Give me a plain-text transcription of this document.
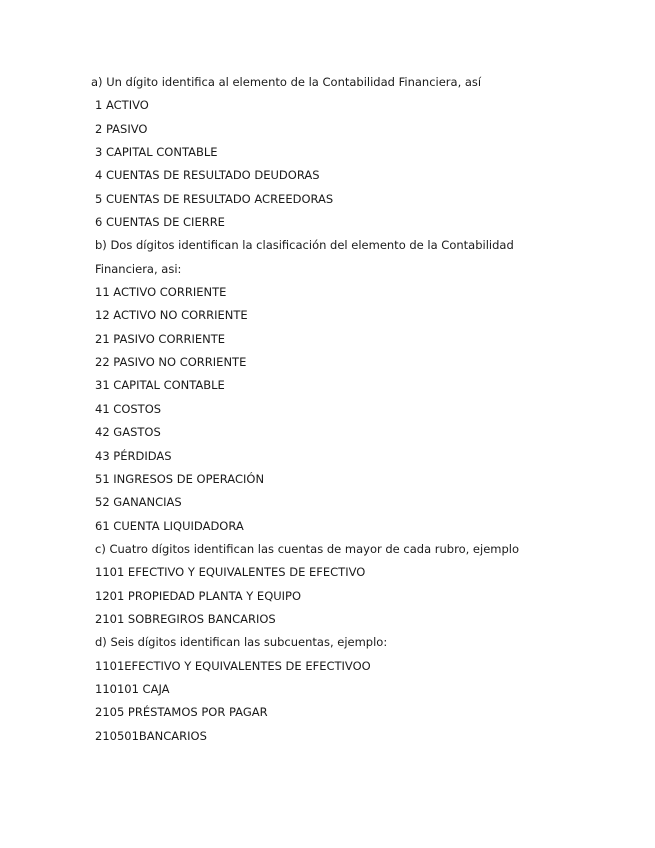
a) Un dígito identifica al elemento de la Contabilidad Financiera, así
1 ACTIVO
2 PASIVO
3 CAPITAL CONTABLE
4 CUENTAS DE RESULTADO DEUDORAS
5 CUENTAS DE RESULTADO ACREEDORAS
6 CUENTAS DE CIERRE
b) Dos dígitos identifican la clasificación del elemento de la Contabilidad
Financiera, asi:
11 ACTIVO CORRIENTE
12 ACTIVO NO CORRIENTE
21 PASIVO CORRIENTE
22 PASIVO NO CORRIENTE
31 CAPITAL CONTABLE
41 COSTOS
42 GASTOS
43 PÉRDIDAS
51 INGRESOS DE OPERACIÓN
52 GANANCIAS
61 CUENTA LIQUIDADORA
c) Cuatro dígitos identifican las cuentas de mayor de cada rubro, ejemplo
1101 EFECTIVO Y EQUIVALENTES DE EFECTIVO
1201 PROPIEDAD PLANTA Y EQUIPO
2101 SOBREGIROS BANCARIOS
d) Seis dígitos identifican las subcuentas, ejemplo:
1101EFECTIVO Y EQUIVALENTES DE EFECTIVOO
110101 CAJA
2105 PRÉSTAMOS POR PAGAR
210501BANCARIOS
